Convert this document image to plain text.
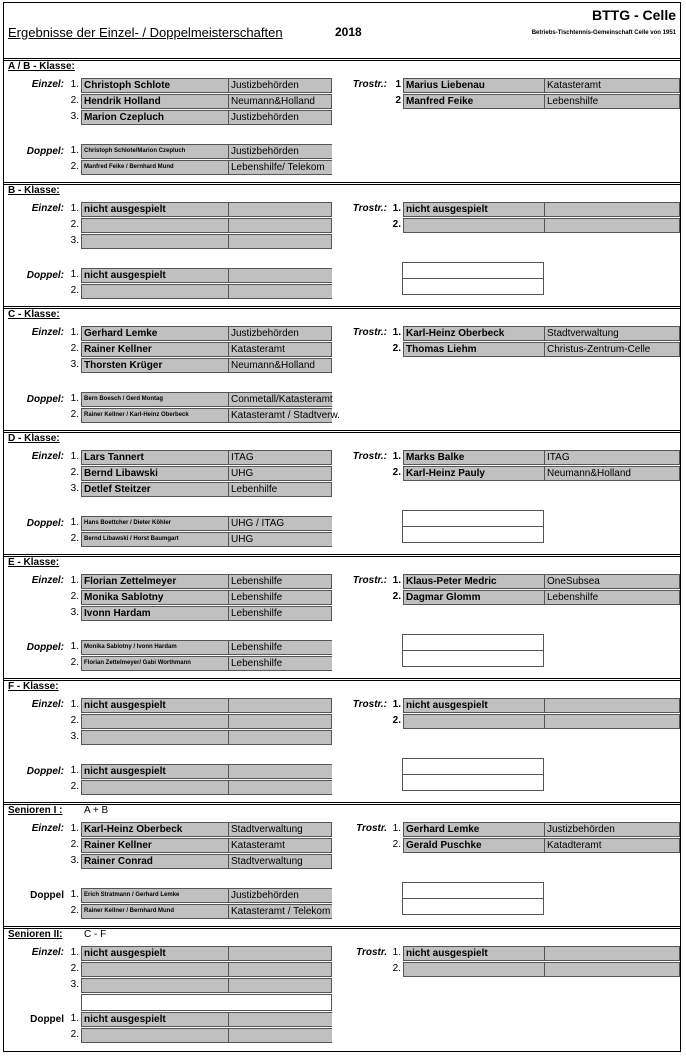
Ergebnisse der Einzel- / Doppelmeisterschaften	2018
BTTG - Celle
Betriebs-Tischtennis-Gemeinschaft Celle von 1951
A / B - Klasse:
Einzel:	Trostr.:
1. Christoph Schlote	Justizbehörden
2. Hendrik Holland	Neumann&Holland
3. Marion Czepluch	Justizbehörden
1 Marius Liebenau	Katasteramt
2 Manfred Feike	Lebenshilfe
Doppel: 1. Christoph Schlote/Marion Czepluch	Justizbehörden
2. Manfred Feike / Bernhard Mund	Lebenshilfe/ Telekom
B - Klasse:
Einzel:	Trostr.:
1. nicht ausgespielt
2.
3.
1. nicht ausgespielt
2.
Doppel: 1. nicht ausgespielt
2.
C - Klasse:
Einzel:	Trostr.:
1. Gerhard Lemke	Justizbehörden
2. Rainer Kellner	Katasteramt
3. Thorsten Krüger	Neumann&Holland
1. Karl-Heinz Oberbeck	Stadtverwaltung
2. Thomas Liehm	Christus-Zentrum-Celle
Doppel: 1. Bern Boesch / Gerd Montag	Conmetall/Katasteramt
2. Rainer Kellner / Karl-Heinz Oberbeck	Katasteramt / Stadtverw.
D - Klasse:
Einzel:	Trostr.:
1. Lars Tannert	ITAG
2. Bernd Libawski	UHG
3. Detlef Steitzer	Lebenhilfe
1. Marks Balke	ITAG
2. Karl-Heinz Pauly	Neumann&Holland
Doppel: 1. Hans Boettcher / Dieter Köhler	UHG / ITAG
2. Bernd Libawski / Horst Baumgart	UHG
E - Klasse:
Einzel:	Trostr.:
1. Florian Zettelmeyer	Lebenshilfe
2. Monika Sablotny	Lebenshilfe
3. Ivonn Hardam	Lebenshilfe
1. Klaus-Peter Medric	OneSubsea
2. Dagmar Glomm	Lebenshilfe
Doppel: 1. Monika Sablotny / Ivonn Hardam	Lebenshilfe
2. Florian Zettelmeyer/ Gabi Worthmann	Lebenshilfe
F - Klasse:
Einzel:	Trostr.:
1. nicht ausgespielt
2.
3.
1. nicht ausgespielt
2.
Doppel: 1. nicht ausgespielt
2.
Senioren I : A + B
Einzel:	Trostr.
1. Karl-Heinz Oberbeck	Stadtverwaltung
2. Rainer Kellner	Katasteramt
3. Rainer Conrad	Stadtverwaltung
1. Gerhard Lemke	Justizbehörden
2. Gerald Puschke	Katadteramt
Doppel 1. Erich Stratmann / Gerhard Lemke	Justizbehörden
2. Rainer Kellner / Bernhard Mund	Katasteramt / Telekom
Senioren II: C - F
Einzel:	Trostr.
1. nicht ausgespielt
2.
3.
1. nicht ausgespielt
2.
Doppel 1. nicht ausgespielt
2.
